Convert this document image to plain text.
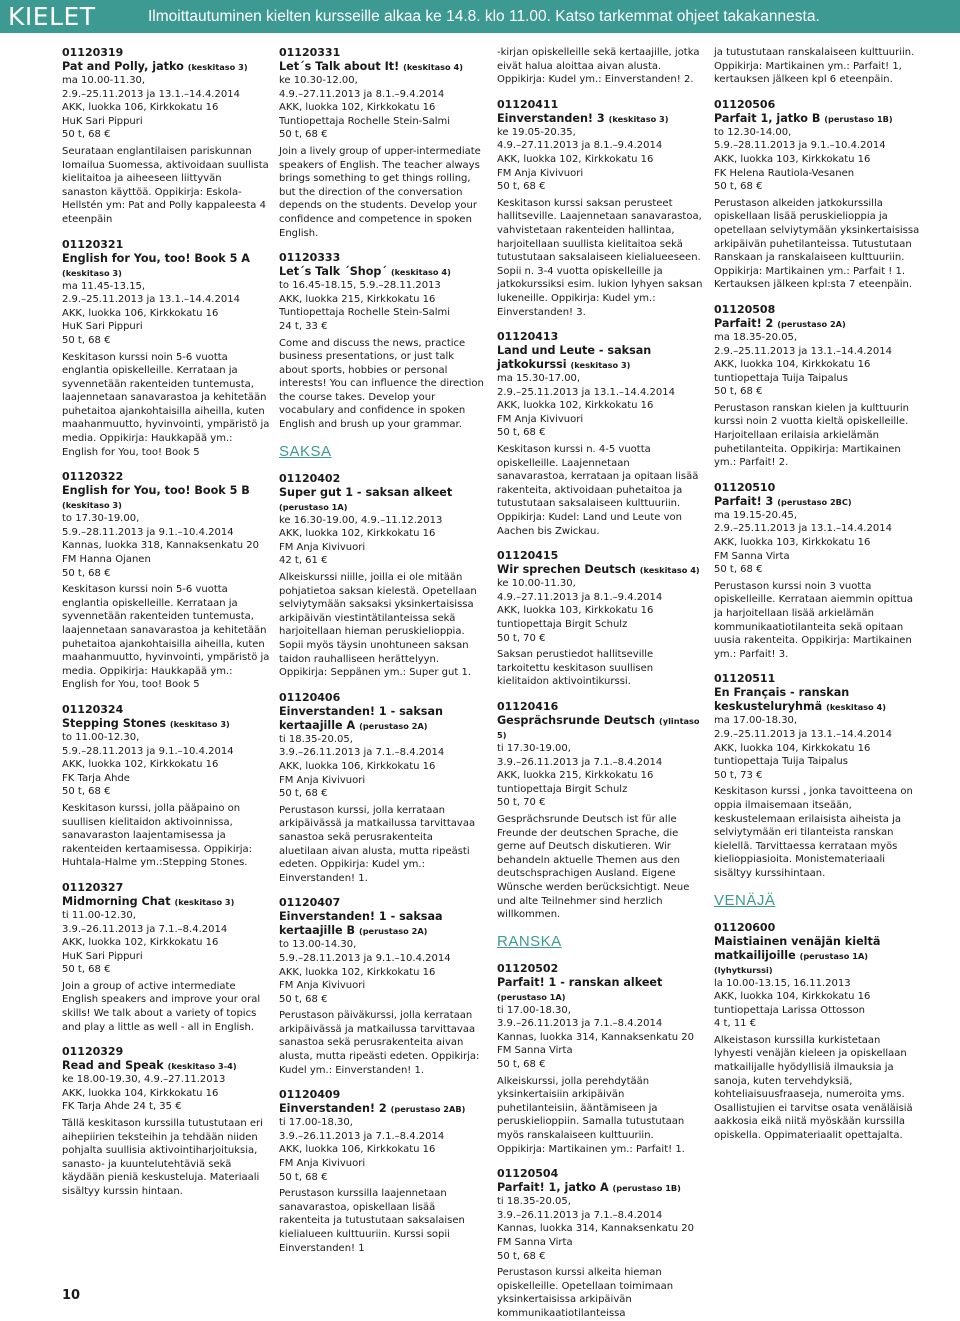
KIELET	Ilmoittautuminen kielten kursseille alkaa ke 14.8. klo 11.00. Katso tarkemmat ohjeet takakannesta.
01120319
Pat and Polly, jatko (keskitaso 3)
ma 10.00-11.30,
2.9.–25.11.2013 ja 13.1.–14.4.2014
AKK, luokka 106, Kirkkokatu 16
HuK Sari Pippuri
50 t, 68 €
Seurataan englantilaisen pariskunnan Iomailua Suomessa, aktivoidaan suullista kielitaitoa ja aiheeseen liittyvän sanaston käyttöä. Oppikirja: Eskola-Hellstén ym: Pat and Polly kappaleesta 4 eteenpäin
01120321
English for You, too! Book 5 A (keskitaso 3)
ma 11.45-13.15,
2.9.–25.11.2013 ja 13.1.–14.4.2014
AKK, luokka 106, Kirkkokatu 16
HuK Sari Pippuri
50 t, 68 €
Keskitason kurssi noin 5-6 vuotta englantia opiskelleille. Kerrataan ja syvennetään rakenteiden tuntemusta, laajennetaan sanavarastoa ja kehitetään puhetaitoa ajankohtaisilla aiheilla, kuten maahanmuutto, hyvinvointi, ympäristö ja media. Oppikirja: Haukkapää ym.: English for You, too! Book 5
01120322
English for You, too! Book 5 B (keskitaso 3)
to 17.30-19.00,
5.9.–28.11.2013 ja 9.1.–10.4.2014
Kannas, luokka 318, Kannaksenkatu 20
FM Hanna Ojanen
50 t, 68 €
Keskitason kurssi noin 5-6 vuotta englantia opiskelleille. Kerrataan ja syvennetään rakenteiden tuntemusta, laajennetaan sanavarastoa ja kehitetään puhetaitoa ajankohtaisilla aiheilla, kuten maahanmuutto, hyvinvointi, ympäristö ja media. Oppikirja: Haukkapää ym.: English for You, too! Book 5
01120324
Stepping Stones (keskitaso 3)
to 11.00-12.30,
5.9.–28.11.2013 ja 9.1.–10.4.2014
AKK, luokka 102, Kirkkokatu 16
FK Tarja Ahde
50 t, 68 €
Keskitason kurssi, jolla pääpaino on suullisen kielitaidon aktivoinnissa, sanavaraston laajentamisessa ja rakenteiden kertaamisessa. Oppikirja: Huhtala-Halme ym.:Stepping Stones.
01120327
Midmorning Chat (keskitaso 3)
ti 11.00-12.30,
3.9.–26.11.2013 ja 7.1.–8.4.2014
AKK, luokka 102, Kirkkokatu 16
HuK Sari Pippuri
50 t, 68 €
Join a group of active intermediate English speakers and improve your oral skills! We talk about a variety of topics and play a little as well - all in English.
01120329
Read and Speak (keskitaso 3-4)
ke 18.00-19.30, 4.9.–27.11.2013
AKK, luokka 104, Kirkkokatu 16
FK Tarja Ahde 24 t, 35 €
Tällä keskitason kurssilla tutustutaan eri aihepiirien teksteihin ja tehdään niiden pohjalta suullisia aktivointiharjoituksia, sanasto- ja kuuntelutehtäviä sekä käydään pieniä keskusteluja. Materiaali sisältyy kurssin hintaan.
01120331
Let´s Talk about It! (keskitaso 4)
ke 10.30-12.00,
4.9.–27.11.2013 ja 8.1.–9.4.2014
AKK, luokka 102, Kirkkokatu 16
Tuntiopettaja Rochelle Stein-Salmi
50 t, 68 €
Join a lively group of upper-intermediate speakers of English. The teacher always brings something to get things rolling, but the direction of the conversation depends on the students. Develop your confidence and competence in spoken English.
01120333
Let´s Talk ´Shop´ (keskitaso 4)
to 16.45-18.15, 5.9.–28.11.2013
AKK, luokka 215, Kirkkokatu 16
Tuntiopettaja Rochelle Stein-Salmi
24 t, 33 €
Come and discuss the news, practice business presentations, or just talk about sports, hobbies or personal interests! You can influence the direction the course takes. Develop your vocabulary and confidence in spoken English and brush up your grammar.
SAKSA
01120402
Super gut 1 - saksan alkeet (perustaso 1A)
ke 16.30-19.00, 4.9.–11.12.2013
AKK, luokka 102, Kirkkokatu 16
FM Anja Kivivuori
42 t, 61 €
Alkeiskurssi niille, joilla ei ole mitään pohjatietoa saksan kielestä. Opetellaan selviytymään saksaksi yksinkertaisissa arkipäivän viestintätilanteissa sekä harjoitellaan hieman peruskielioppia. Sopii myös täysin unohtuneen saksan taidon rauhalliseen herättelyyn. Oppikirja: Seppänen ym.: Super gut 1.
01120406
Einverstanden! 1 - saksan kertaajille A (perustaso 2A)
ti 18.35-20.05,
3.9.–26.11.2013 ja 7.1.–8.4.2014
AKK, luokka 106, Kirkkokatu 16
FM Anja Kivivuori
50 t, 68 €
Perustason kurssi, jolla kerrataan arkipäivässä ja matkailussa tarvittavaa sanastoa sekä perusrakenteita aluetilaan aivan alusta, mutta ripeästi edeten. Oppikirja: Kudel ym.: Einverstanden! 1.
01120407
Einverstanden! 1 - saksaa kertaajille B (perustaso 2A)
to 13.00-14.30,
5.9.–28.11.2013 ja 9.1.–10.4.2014
AKK, luokka 102, Kirkkokatu 16
FM Anja Kivivuori
50 t, 68 €
Perustason päiväkurssi, jolla kerrataan arkipäivässä ja matkailussa tarvittavaa sanastoa sekä perusrakenteita aivan alusta, mutta ripeästi edeten. Oppikirja: Kudel ym.: Einverstanden! 1.
01120409
Einverstanden! 2 (perustaso 2AB)
ti 17.00-18.30,
3.9.–26.11.2013 ja 7.1.–8.4.2014
AKK, luokka 106, Kirkkokatu 16
FM Anja Kivivuori
50 t, 68 €
Perustason kurssilla laajennetaan sanavarastoa, opiskellaan lisää rakenteita ja tutustutaan saksalaisen kielialueen kulttuuriin. Kurssi sopii Einverstanden! 1
-kirjan opiskelleille sekä kertaajille, jotka eivät halua aloittaa aivan alusta. Oppikirja: Kudel ym.: Einverstanden! 2.
01120411
Einverstanden! 3 (keskitaso 3)
ke 19.05-20.35,
4.9.–27.11.2013 ja 8.1.–9.4.2014
AKK, luokka 102, Kirkkokatu 16
FM Anja Kivivuori
50 t, 68 €
Keskitason kurssi saksan perusteet hallitseville. Laajennetaan sanavarastoa, vahvistetaan rakenteiden hallintaa, harjoitellaan suullista kielitaitoa sekä tutustutaan saksalaiseen kielialueeseen. Sopii n. 3-4 vuotta opiskelleille ja jatkokurssiksi esim. lukion lyhyen saksan lukeneille. Oppikirja: Kudel ym.: Einverstanden! 3.
01120413
Land und Leute - saksan jatkokurssi (keskitaso 3)
ma 15.30-17.00,
2.9.–25.11.2013 ja 13.1.–14.4.2014
AKK, luokka 102, Kirkkokatu 16
FM Anja Kivivuori
50 t, 68 €
Keskitason kurssi n. 4-5 vuotta opiskelleille. Laajennetaan sanavarastoa, kerrataan ja opitaan lisää rakenteita, aktivoidaan puhetaitoa ja tutustutaan saksalaiseen kulttuuriin. Oppikirja: Kudel: Land und Leute von Aachen bis Zwickau.
01120415
Wir sprechen Deutsch (keskitaso 4)
ke 10.00-11.30,
4.9.–27.11.2013 ja 8.1.–9.4.2014
AKK, luokka 103, Kirkkokatu 16
tuntiopettaja Birgit Schulz
50 t, 70 €
Saksan perustiedot hallitseville tarkoitettu keskitason suullisen kielitaidon aktivointikurssi.
01120416
Gesprächsrunde Deutsch (ylintaso 5)
ti 17.30-19.00,
3.9.–26.11.2013 ja 7.1.–8.4.2014
AKK, luokka 215, Kirkkokatu 16
tuntiopettaja Birgit Schulz
50 t, 70 €
Gesprächsrunde Deutsch ist für alle Freunde der deutschen Sprache, die gerne auf Deutsch diskutieren. Wir behandeln aktuelle Themen aus den deutschsprachigen Ausland. Eigene Wünsche werden berücksichtigt. Neue und alte Teilnehmer sind herzlich willkommen.
RANSKA
01120502
Parfait! 1 - ranskan alkeet (perustaso 1A)
ti 17.00-18.30,
3.9.–26.11.2013 ja 7.1.–8.4.2014
Kannas, luokka 314, Kannaksenkatu 20
FM Sanna Virta
50 t, 68 €
Alkeiskurssi, jolla perehdytään yksinkertaisiin arkipäivän puhetilanteisiin, ääntämiseen ja peruskielioppiin. Samalla tutustutaan myös ranskalaiseen kulttuuriin. Oppikirja: Martikainen ym.: Parfait! 1.
01120504
Parfait! 1, jatko A (perustaso 1B)
ti 18.35-20.05,
3.9.–26.11.2013 ja 7.1.–8.4.2014
Kannas, luokka 314, Kannaksenkatu 20
FM Sanna Virta
50 t, 68 €
Perustason kurssi alkeita hieman opiskelleille. Opetellaan toimimaan yksinkertaisissa arkipäivän kommunikaatiotilanteissa
ja tutustutaan ranskalaiseen kulttuuriin. Oppikirja: Martikainen ym.: Parfait! 1, kertauksen jälkeen kpl 6 eteenpäin.
01120506
Parfait 1, jatko B (perustaso 1B)
to 12.30-14.00,
5.9.–28.11.2013 ja 9.1.–10.4.2014
AKK, luokka 103, Kirkkokatu 16
FK Helena Rautiola-Vesanen
50 t, 68 €
Perustason alkeiden jatkokurssilla opiskellaan lisää peruskielioppia ja opetellaan selviytymään yksinkertaisissa arkipäivän puhetilanteissa. Tutustutaan Ranskaan ja ranskalaiseen kulttuuriin. Oppikirja: Martikainen ym.: Parfait ! 1. Kertauksen jälkeen kpl:sta 7 eteenpäin.
01120508
Parfait! 2 (perustaso 2A)
ma 18.35-20.05,
2.9.–25.11.2013 ja 13.1.–14.4.2014
AKK, luokka 104, Kirkkokatu 16
tuntiopettaja Tuija Taipalus
50 t, 68 €
Perustason ranskan kielen ja kulttuurin kurssi noin 2 vuotta kieltä opiskelleille. Harjoitellaan erilaisia arkielämän puhetilanteita. Oppikirja: Martikainen ym.: Parfait! 2.
01120510
Parfait! 3 (perustaso 2BC)
ma 19.15-20.45,
2.9.–25.11.2013 ja 13.1.–14.4.2014
AKK, luokka 103, Kirkkokatu 16
FM Sanna Virta
50 t, 68 €
Perustason kurssi noin 3 vuotta opiskelleille. Kerrataan aiemmin opittua ja harjoitellaan lisää arkielämän kommunikaatiotilanteita sekä opitaan uusia rakenteita. Oppikirja: Martikainen ym.: Parfait! 3.
01120511
En Français - ranskan keskusteluryhmä (keskitaso 4)
ma 17.00-18.30,
2.9.–25.11.2013 ja 13.1.–14.4.2014
AKK, luokka 104, Kirkkokatu 16
tuntiopettaja Tuija Taipalus
50 t, 73 €
Keskitason kurssi , jonka tavoitteena on oppia ilmaisemaan itseään, keskustelemaan erilaisista aiheista ja selviytymään eri tilanteista ranskan kielellä. Tarvittaessa kerrataan myös kielioppiasioita. Monistemateriaali sisältyy kurssihintaan.
VENÄJÄ
01120600
Maistiainen venäjän kieltä matkailijoille (perustaso 1A) (lyhytkurssi)
la 10.00-13.15, 16.11.2013
AKK, luokka 104, Kirkkokatu 16
tuntiopettaja Larissa Ottosson
4 t, 11 €
Alkeistason kurssilla kurkistetaan lyhyesti venäjän kieleen ja opiskellaan matkailijalle hyödyllisiä ilmauksia ja sanoja, kuten tervehdyksiä, kohteliaisuusfraaseja, numeroita yms. Osallistujien ei tarvitse osata venäläisiä aakkosia eikä niitä myöskään kurssilla opiskella. Oppimateriaalit opettajalta.
10
